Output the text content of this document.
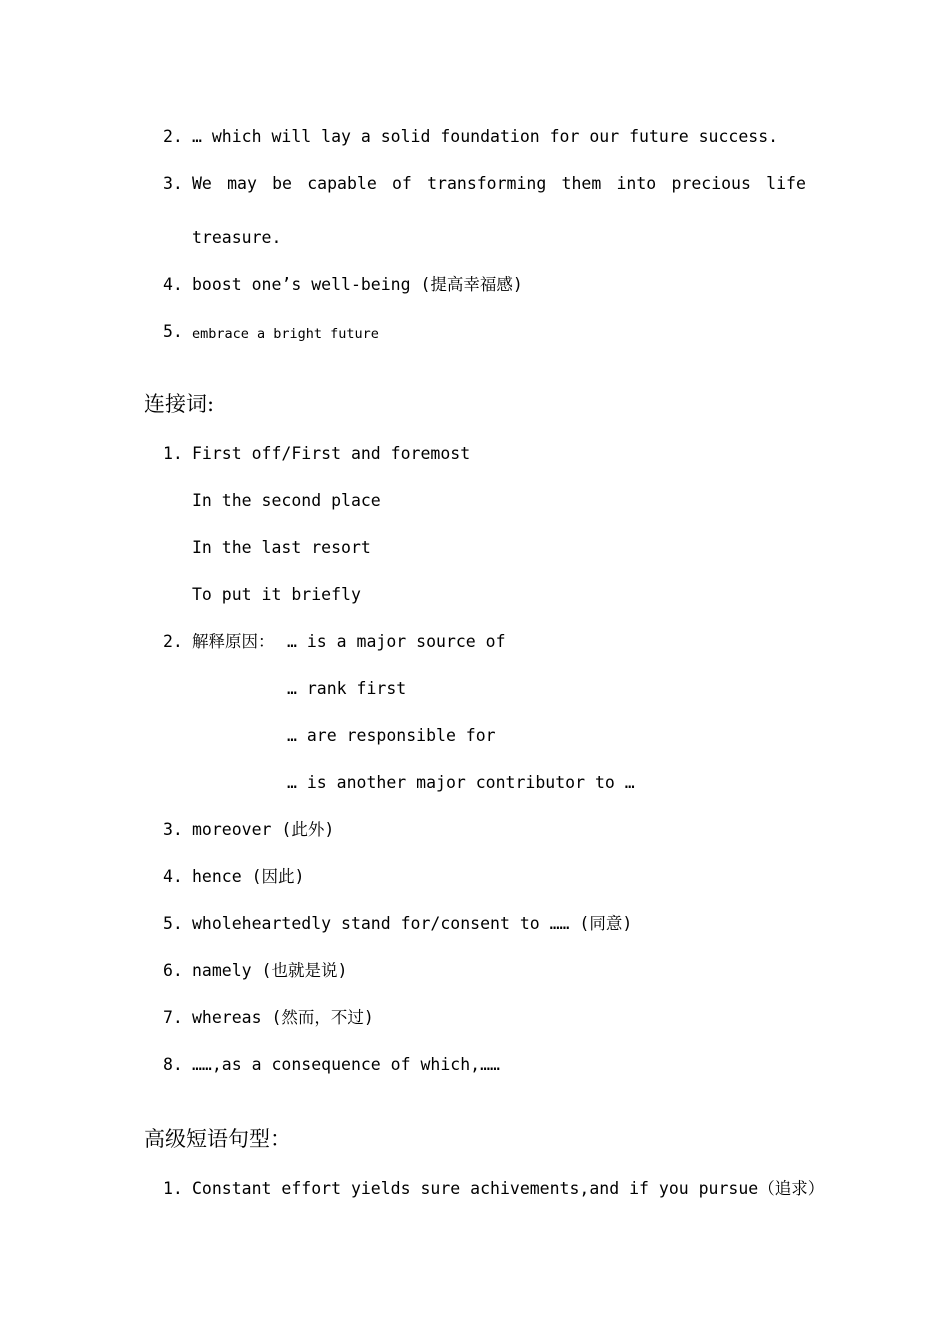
2. … which will lay a solid foundation for our future success.
3. We may be capable of transforming them into precious life
treasure.
4. boost one’s well-being (提高幸福感)
5. embrace a bright future
连接词:
1. First off/First and foremost
In the second place
In the last resort
To put it briefly
2. 解释原因： … is a major source of
… rank first
… are responsible for
… is another major contributor to …
3. moreover (此外)
4. hence (因此)
5. wholeheartedly stand for/consent to …… (同意)
6. namely (也就是说)
7. whereas (然而，不过)
8. ……,as a consequence of which,……
高级短语句型：
1. Constant effort yields sure achivements,and if you pursue（追求）
